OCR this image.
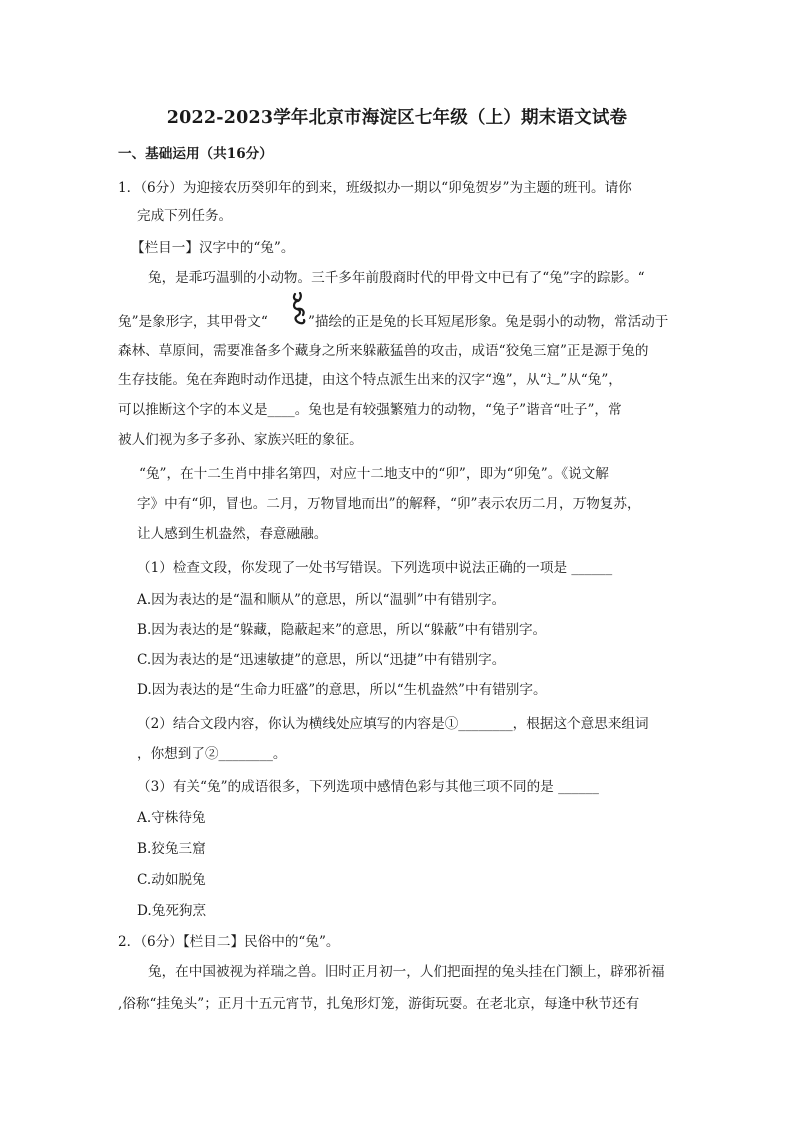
2022-2023学年北京市海淀区七年级（上）期末语文试卷
一、基础运用（共16分）
1．（6分）为迎接农历癸卯年的到来，班级拟办一期以“卯兔贺岁”为主题的班刊。请你
完成下列任务。
【栏目一】汉字中的“兔”。
兔，是乖巧温驯的小动物。三千多年前殷商时代的甲骨文中已有了“兔”字的踪影。“
兔”是象形字，其甲骨文“	”描绘的正是兔的长耳短尾形象。兔是弱小的动物，常活动于
森林、草原间，需要准备多个藏身之所来躲蔽猛兽的攻击，成语“狡兔三窟”正是源于兔的
生存技能。兔在奔跑时动作迅捷，由这个特点派生出来的汉字“逸”，从“辶”从“兔”，
可以推断这个字的本义是____。兔也是有较强繁殖力的动物，“兔子”谐音“吐子”，常
被人们视为多子多孙、家族兴旺的象征。
“兔”，在十二生肖中排名第四，对应十二地支中的“卯”，即为“卯兔”。《说文解
字》中有“卯，冒也。二月，万物冒地而出”的解释，“卯”表示农历二月，万物复苏，
让人感到生机盎然，春意融融。
（1）检查文段，你发现了一处书写错误。下列选项中说法正确的一项是 ______
A.因为表达的是“温和顺从”的意思，所以“温驯”中有错别字。
B.因为表达的是“躲藏，隐蔽起来”的意思，所以“躲蔽”中有错别字。
C.因为表达的是“迅速敏捷”的意思，所以“迅捷”中有错别字。
D.因为表达的是“生命力旺盛”的意思，所以“生机盎然”中有错别字。
（2）结合文段内容，你认为横线处应填写的内容是①________，根据这个意思来组词
，你想到了②________。
（3）有关“兔”的成语很多，下列选项中感情色彩与其他三项不同的是 ______
A.守株待兔
B.狡兔三窟
C.动如脱兔
D.兔死狗烹
2．（6分）【栏目二】民俗中的“兔”。
兔，在中国被视为祥瑞之兽。旧时正月初一，人们把面捏的兔头挂在门额上，辟邪祈福
,俗称“挂兔头”；正月十五元宵节，扎兔形灯笼，游街玩耍。在老北京，每逢中秋节还有
